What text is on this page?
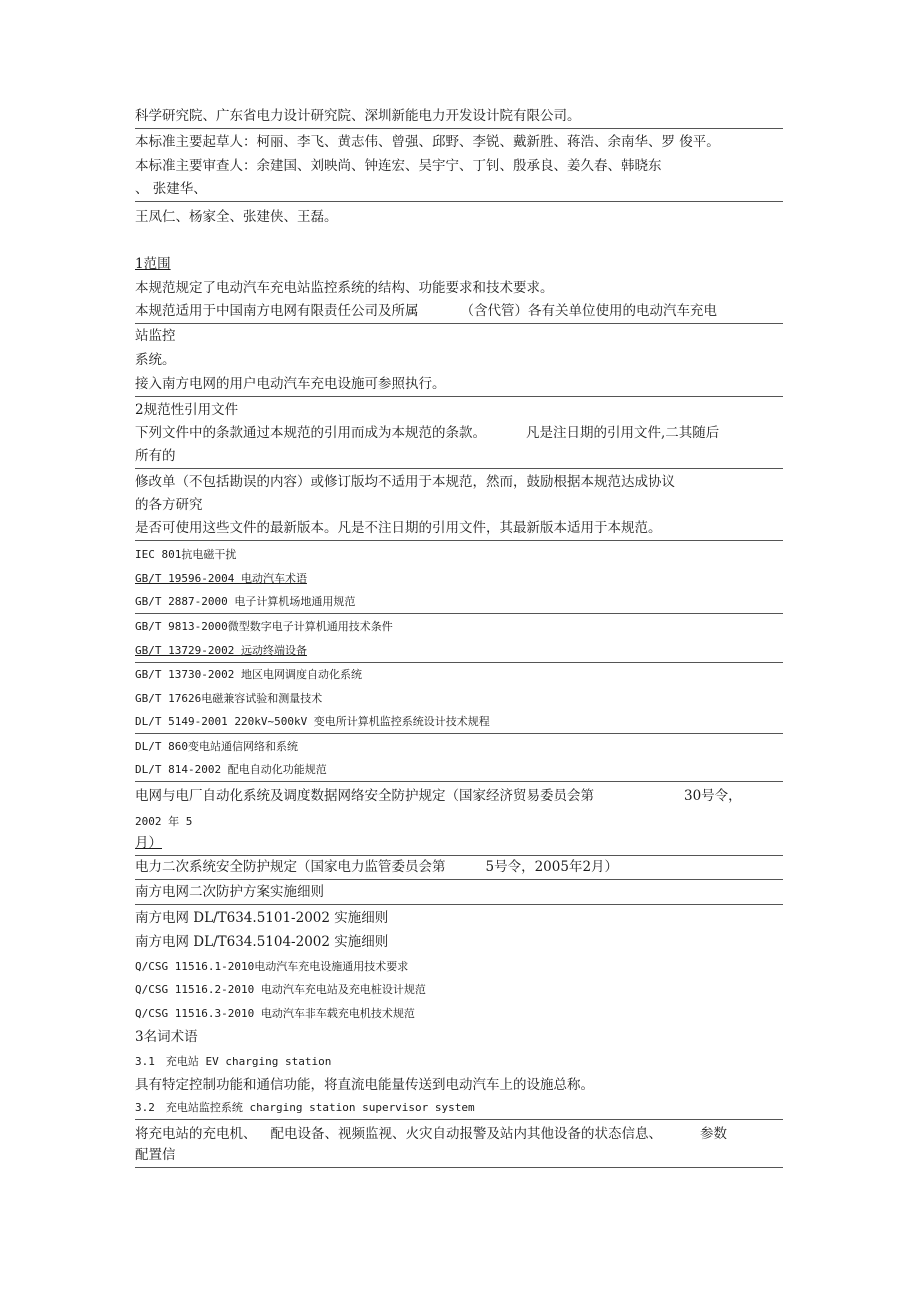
科学研究院、广东省电力设计研究院、深圳新能电力开发设计院有限公司。
本标准主要起草人：柯丽、李飞、黄志伟、曾强、邱野、李锐、戴新胜、蒋浩、余南华、罗 俊平。
本标准主要审查人：余建国、刘映尚、钟连宏、吴宇宁、丁钊、殷承良、姜久春、韩晓东
、 张建华、
王凤仁、杨家全、张建侠、王磊。
1范围
本规范规定了电动汽车充电站监控系统的结构、功能要求和技术要求。
本规范适用于中国南方电网有限责任公司及所属	（含代管）各有关单位使用的电动汽车充电
站监控
系统。
接入南方电网的用户电动汽车充电设施可参照执行。
2规范性引用文件
下列文件中的条款通过本规范的引用而成为本规范的条款。	凡是注日期的引用文件,二其随后
所有的
修改单（不包括勘误的内容）或修订版均不适用于本规范，然而，鼓励根据本规范达成协议
的各方研究
是否可使用这些文件的最新版本。凡是不注日期的引用文件，其最新版本适用于本规范。
IEC 801抗电磁干扰
GB/T 19596-2004 电动汽车术语
GB/T 2887-2000 电子计算机场地通用规范
GB/T 9813-2000微型数字电子计算机通用技术条件
GB/T 13729-2002 远动终端设备
GB/T 13730-2002 地区电网调度自动化系统
GB/T 17626电磁兼容试验和测量技术
DL/T 5149-2001 220kV~500kV 变电所计算机监控系统设计技术规程
DL/T 860变电站通信网络和系统
DL/T 814-2002 配电自动化功能规范
电网与电厂自动化系统及调度数据网络安全防护规定（国家经济贸易委员会第	30号令，
2002 年 5
月）
电力二次系统安全防护规定（国家电力监管委员会第	5号令，2005年2月）
南方电网二次防护方案实施细则
南方电网 DL/T634.5101-2002 实施细则
南方电网 DL/T634.5104-2002 实施细则
Q/CSG 11516.1-2010电动汽车充电设施通用技术要求
Q/CSG 11516.2-2010 电动汽车充电站及充电桩设计规范
Q/CSG 11516.3-2010 电动汽车非车载充电机技术规范
3名词术语
3.1　充电站 EV charging station
具有特定控制功能和通信功能，将直流电能量传送到电动汽车上的设施总称。
3.2　充电站监控系统 charging station supervisor system
将充电站的充电机、 配电设备、视频监视、火灾自动报警及站内其他设备的状态信息、	参数
配置信
